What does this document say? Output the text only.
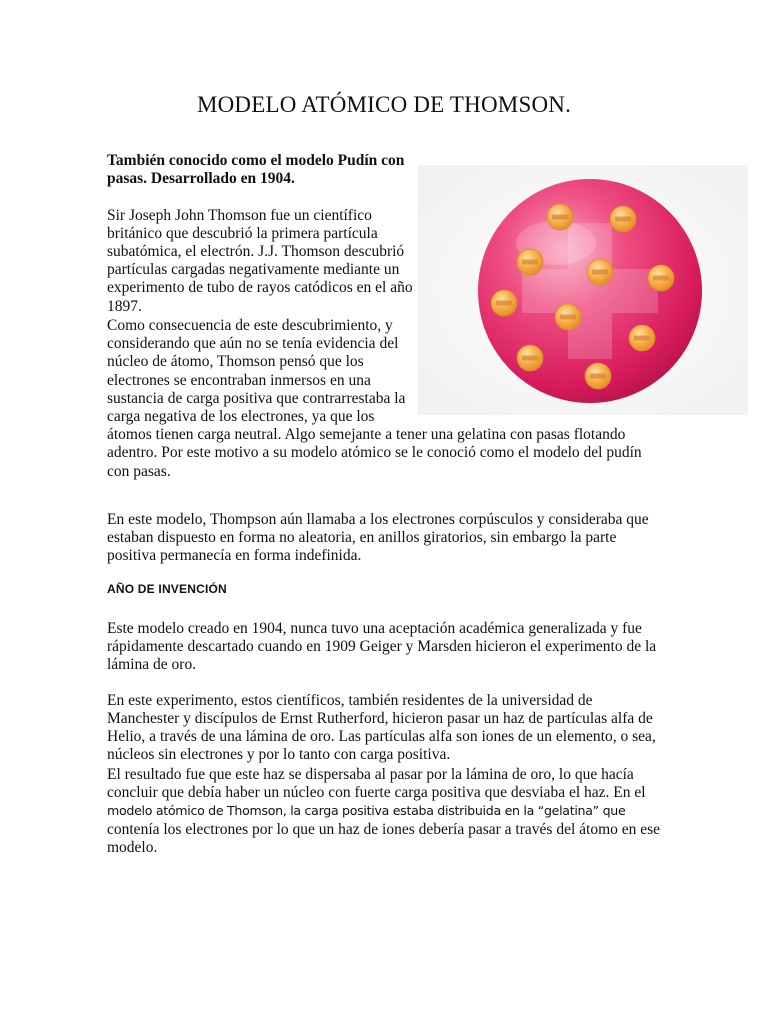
MODELO ATÓMICO DE THOMSON.

También conocido como el modelo Pudín con pasas. Desarrollado en 1904.

Sir Joseph John Thomson fue un científico británico que descubrió la primera partícula subatómica, el electrón. J.J. Thomson descubrió partículas cargadas negativamente mediante un experimento de tubo de rayos catódicos en el año 1897.

Como consecuencia de este descubrimiento, y considerando que aún no se tenía evidencia del núcleo de átomo, Thomson pensó que los electrones se encontraban inmersos en una sustancia de carga positiva que contrarrestaba la carga negativa de los electrones, ya que los
átomos tienen carga neutral. Algo semejante a tener una gelatina con pasas flotando adentro. Por este motivo a su modelo atómico se le conoció como el modelo del pudín con pasas.

En este modelo, Thompson aún llamaba a los electrones corpúsculos y consideraba que estaban dispuesto en forma no aleatoria, en anillos giratorios, sin embargo la parte positiva permanecía en forma indefinida.

AÑO DE INVENCIÓN

Este modelo creado en 1904, nunca tuvo una aceptación académica generalizada y fue rápidamente descartado cuando en 1909 Geiger y Marsden hicieron el experimento de la lámina de oro.

En este experimento, estos científicos, también residentes de la universidad de Manchester y discípulos de Ernst Rutherford, hicieron pasar un haz de partículas alfa de Helio, a través de una lámina de oro. Las partículas alfa son iones de un elemento, o sea, núcleos sin electrones y por lo tanto con carga positiva.

El resultado fue que este haz se dispersaba al pasar por la lámina de oro, lo que hacía concluir que debía haber un núcleo con fuerte carga positiva que desviaba el haz. En el modelo atómico de Thomson, la carga positiva estaba distribuida en la “gelatina” que contenía los electrones por lo que un haz de iones debería pasar a través del átomo en ese modelo.
